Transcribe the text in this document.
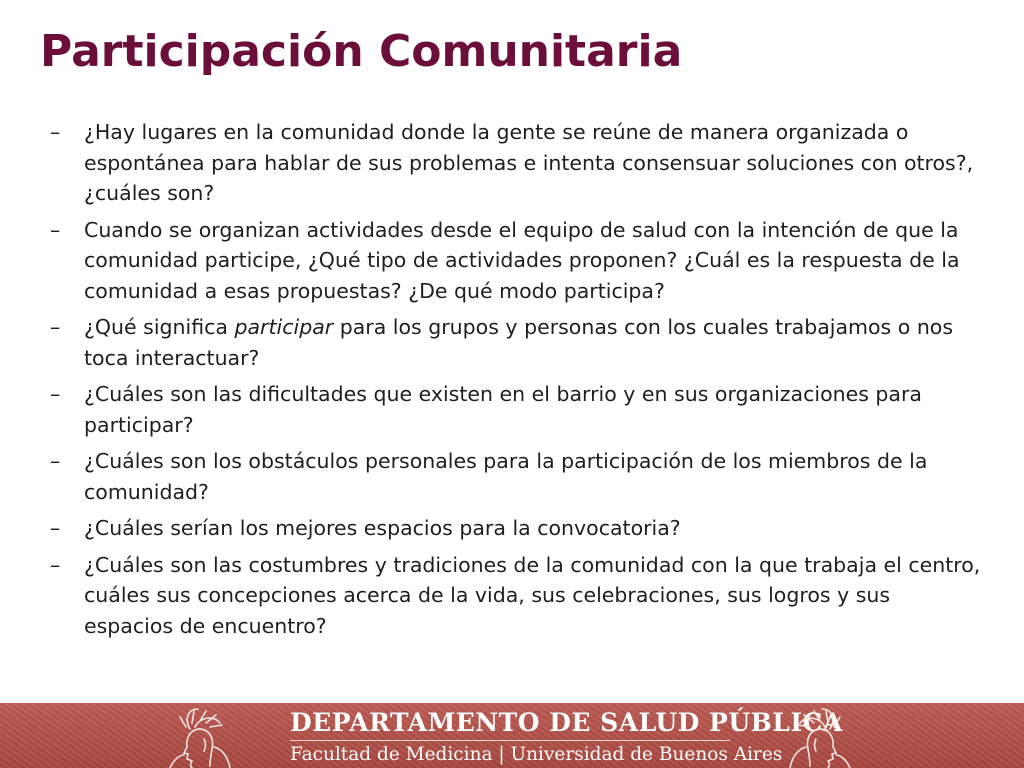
Participación Comunitaria
–	¿Hay lugares en la comunidad donde la gente se reúne de manera organizada o espontánea para hablar de sus problemas e intenta consensuar soluciones con otros?, ¿cuáles son?
–	Cuando se organizan actividades desde el equipo de salud con la intención de que la comunidad participe, ¿Qué tipo de actividades proponen? ¿Cuál es la respuesta de la comunidad a esas propuestas? ¿De qué modo participa?
–	¿Qué significa participar para los grupos y personas con los cuales trabajamos o nos toca interactuar?
–	¿Cuáles son las dificultades que existen en el barrio y en sus organizaciones para participar?
–	¿Cuáles son los obstáculos personales para la participación de los miembros de la comunidad?
–	¿Cuáles serían los mejores espacios para la convocatoria?
–	¿Cuáles son las costumbres y tradiciones de la comunidad con la que trabaja el centro, cuáles sus concepciones acerca de la vida, sus celebraciones, sus logros y sus espacios de encuentro?
DEPARTAMENTO DE SALUD PÚBLICA
Facultad de Medicina | Universidad de Buenos Aires
